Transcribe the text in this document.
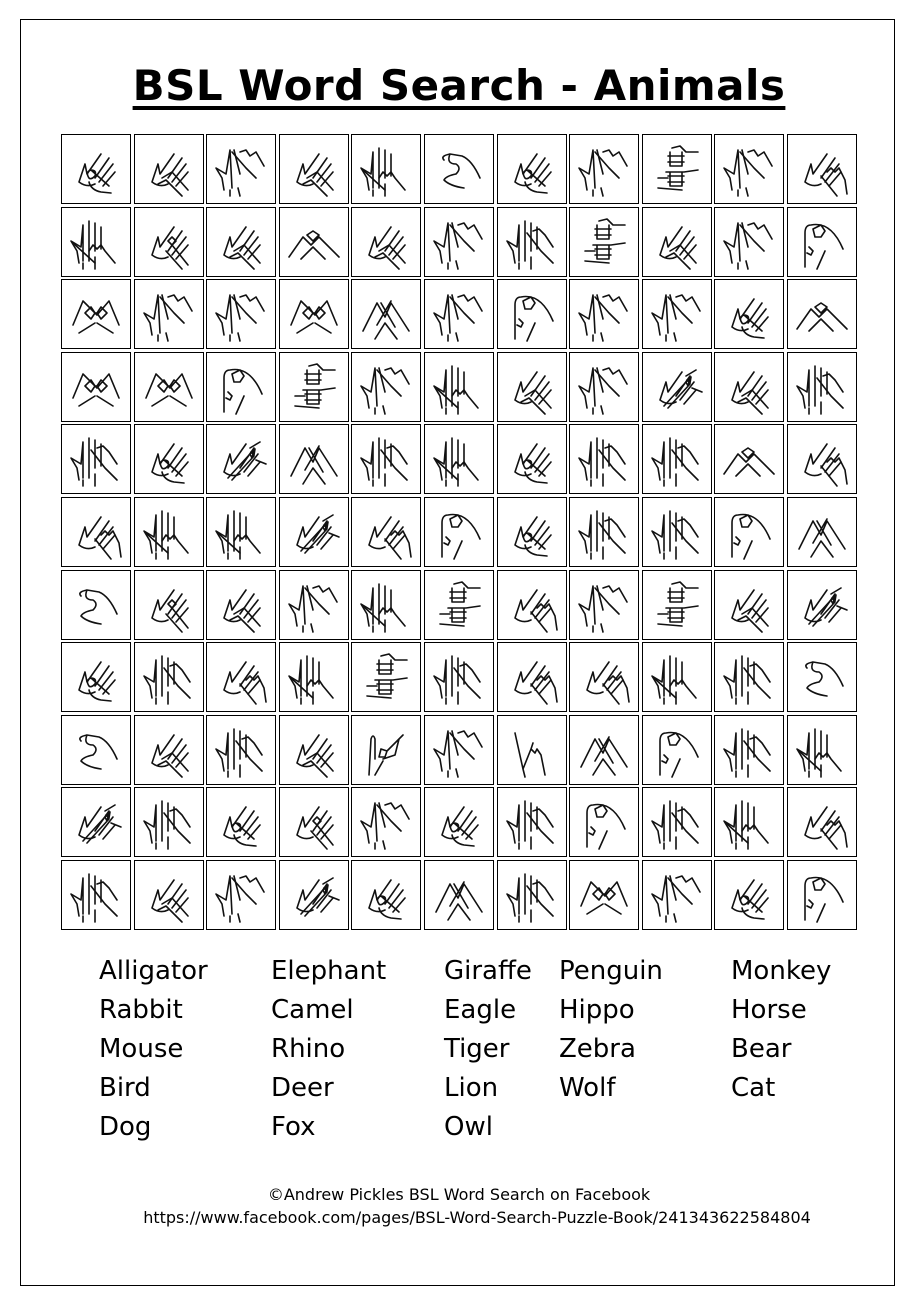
BSL Word Search - Animals
Alligator
Rabbit
Mouse
Bird
Dog
Elephant
Camel
Rhino
Deer
Fox
Giraffe
Eagle
Tiger
Lion
Owl
Penguin
Hippo
Zebra
Wolf
Monkey
Horse
Bear
Cat
©Andrew Pickles BSL Word Search on Facebook
https://www.facebook.com/pages/BSL-Word-Search-Puzzle-Book/241343622584804
